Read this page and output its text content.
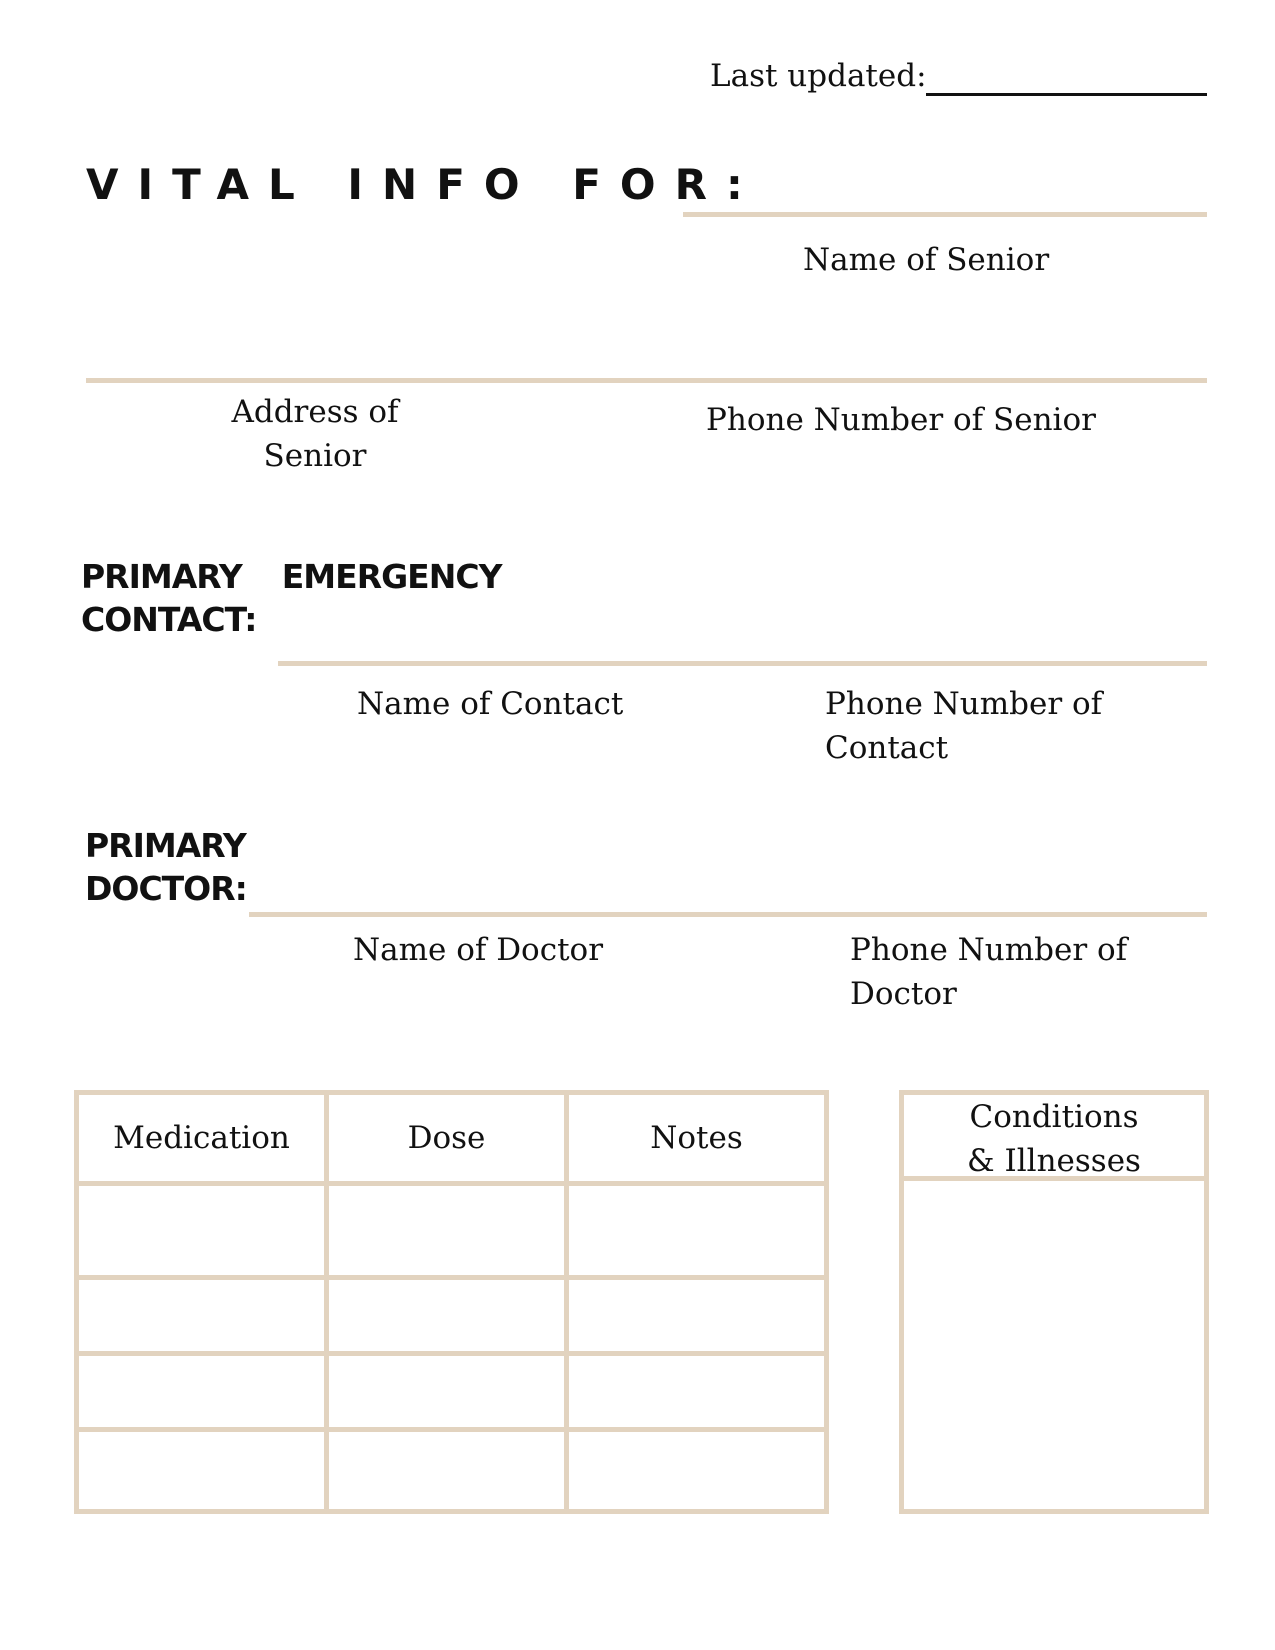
Last updated:
VITAL INFO FOR:
Name of Senior
Address of
Senior
Phone Number of Senior
PRIMARY EMERGENCY
CONTACT:
Name of Contact	Phone Number of
Contact
PRIMARY
DOCTOR:
Name of Doctor	Phone Number of
Doctor
Medication	Dose	Notes

Conditions
& Illnesses
